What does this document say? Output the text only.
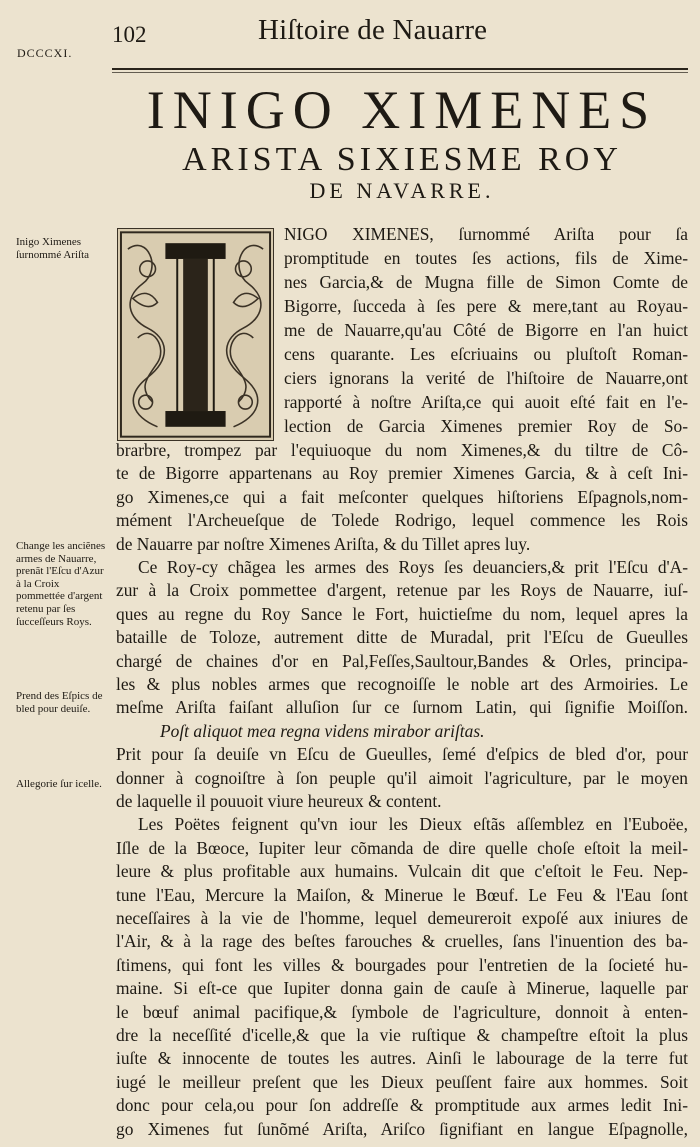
DCCCXI.
102	Hiſtoire de Nauarre
INIGO XIMENES
ARISTA SIXIESME ROY
DE NAVARRE.
Inigo Ximenes ſurnommé Ariſta
Change les anciẽnes armes de Nauarre, prenãt l'Eſcu d'Azur à la Croix pommettée d'argent retenu par ſes ſucceſſeurs Roys.
Prend des Eſpics de bled pour deuiſe.
Allegorie ſur icelle.
NIGO XIMENES, ſurnommé Ariſta pour ſa
promptitude en toutes ſes actions, fils de Xime-
nes Garcia,& de Mugna fille de Simon Comte de
Bigorre, ſucceda à ſes pere & mere,tant au Royau-
me de Nauarre,qu'au Côté de Bigorre en l'an huict
cens quarante. Les eſcriuains ou pluſtoſt Roman-
ciers ignorans la verité de l'hiſtoire de Nauarre,ont
rapporté à noſtre Ariſta,ce qui auoit eſté fait en l'e-
lection de Garcia Ximenes premier Roy de So-
brarbre, trompez par l'equiuoque du nom Ximenes,& du tiltre de Cô-
te de Bigorre appartenans au Roy premier Ximenes Garcia, & à ceſt Ini-
go Ximenes,ce qui a fait meſconter quelques hiſtoriens Eſpagnols,nom-
mément l'Archeueſque de Tolede Rodrigo, lequel commence les Rois
de Nauarre par noſtre Ximenes Ariſta, & du Tillet apres luy.
Ce Roy-cy chãgea les armes des Roys ſes deuanciers,& prit l'Eſcu d'A-
zur à la Croix pommettee d'argent, retenue par les Roys de Nauarre, iuſ-
ques au regne du Roy Sance le Fort, huictieſme du nom, lequel apres la
bataille de Toloze, autrement ditte de Muradal, prit l'Eſcu de Gueulles
chargé de chaines d'or en Pal,Feſſes,Saultour,Bandes & Orles, principa-
les & plus nobles armes que recognoiſſe le noble art des Armoiries. Le
meſme Ariſta faiſant alluſion ſur ce ſurnom Latin, qui ſignifie Moiſſon.
Poſt aliquot mea regna videns mirabor ariſtas.
Prit pour ſa deuiſe vn Eſcu de Gueulles, ſemé d'eſpics de bled d'or, pour
donner à cognoiſtre à ſon peuple qu'il aimoit l'agriculture, par le moyen
de laquelle il pouuoit viure heureux & content.
Les Poëtes feignent qu'vn iour les Dieux eſtãs aſſemblez en l'Euboëe,
Iſle de la Bœoce, Iupiter leur cõmanda de dire quelle choſe eſtoit la meil-
leure & plus profitable aux humains. Vulcain dit que c'eſtoit le Feu. Nep-
tune l'Eau, Mercure la Maiſon, & Minerue le Bœuf. Le Feu & l'Eau ſont
neceſſaires à la vie de l'homme, lequel demeureroit expoſé aux iniures de
l'Air, & à la rage des beſtes farouches & cruelles, ſans l'inuention des ba-
ſtimens, qui font les villes & bourgades pour l'entretien de la ſocieté hu-
maine. Si eſt-ce que Iupiter donna gain de cauſe à Minerue, laquelle par
le bœuf animal pacifique,& ſymbole de l'agriculture, donnoit à enten-
dre la neceſſité d'icelle,& que la vie ruſtique & champeſtre eſtoit la plus
iuſte & innocente de toutes les autres. Ainſi le labourage de la terre fut
iugé le meilleur preſent que les Dieux peuſſent faire aux hommes. Soit
donc pour cela,ou pour ſon addreſſe & promptitude aux armes ledit Ini-
go Ximenes fut ſunõmé Ariſta, Ariſco ſignifiant en langue Eſpagnolle,
